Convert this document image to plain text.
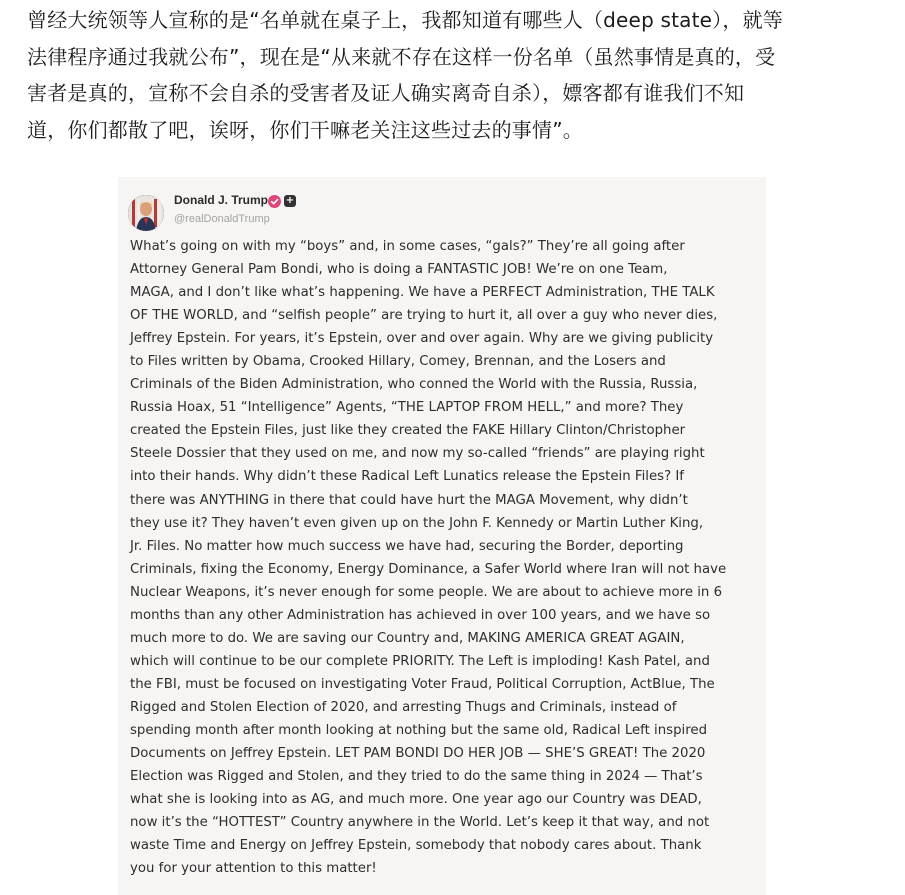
曾经大统领等人宣称的是“名单就在桌子上，我都知道有哪些人（deep state），就等
法律程序通过我就公布”，现在是“从来就不存在这样一份名单（虽然事情是真的，受
害者是真的，宣称不会自杀的受害者及证人确实离奇自杀），嫖客都有谁我们不知
道，你们都散了吧，诶呀，你们干嘛老关注这些过去的事情”。

Donald J. Trump +
@realDonaldTrump
What’s going on with my “boys” and, in some cases, “gals?” They’re all going after
Attorney General Pam Bondi, who is doing a FANTASTIC JOB! We’re on one Team,
MAGA, and I don’t like what’s happening. We have a PERFECT Administration, THE TALK
OF THE WORLD, and “selfish people” are trying to hurt it, all over a guy who never dies,
Jeffrey Epstein. For years, it’s Epstein, over and over again. Why are we giving publicity
to Files written by Obama, Crooked Hillary, Comey, Brennan, and the Losers and
Criminals of the Biden Administration, who conned the World with the Russia, Russia,
Russia Hoax, 51 “Intelligence” Agents, “THE LAPTOP FROM HELL,” and more? They
created the Epstein Files, just like they created the FAKE Hillary Clinton/Christopher
Steele Dossier that they used on me, and now my so-called “friends” are playing right
into their hands. Why didn’t these Radical Left Lunatics release the Epstein Files? If
there was ANYTHING in there that could have hurt the MAGA Movement, why didn’t
they use it? They haven’t even given up on the John F. Kennedy or Martin Luther King,
Jr. Files. No matter how much success we have had, securing the Border, deporting
Criminals, fixing the Economy, Energy Dominance, a Safer World where Iran will not have
Nuclear Weapons, it’s never enough for some people. We are about to achieve more in 6
months than any other Administration has achieved in over 100 years, and we have so
much more to do. We are saving our Country and, MAKING AMERICA GREAT AGAIN,
which will continue to be our complete PRIORITY. The Left is imploding! Kash Patel, and
the FBI, must be focused on investigating Voter Fraud, Political Corruption, ActBlue, The
Rigged and Stolen Election of 2020, and arresting Thugs and Criminals, instead of
spending month after month looking at nothing but the same old, Radical Left inspired
Documents on Jeffrey Epstein. LET PAM BONDI DO HER JOB — SHE’S GREAT! The 2020
Election was Rigged and Stolen, and they tried to do the same thing in 2024 — That’s
what she is looking into as AG, and much more. One year ago our Country was DEAD,
now it’s the “HOTTEST” Country anywhere in the World. Let’s keep it that way, and not
waste Time and Energy on Jeffrey Epstein, somebody that nobody cares about. Thank
you for your attention to this matter!
